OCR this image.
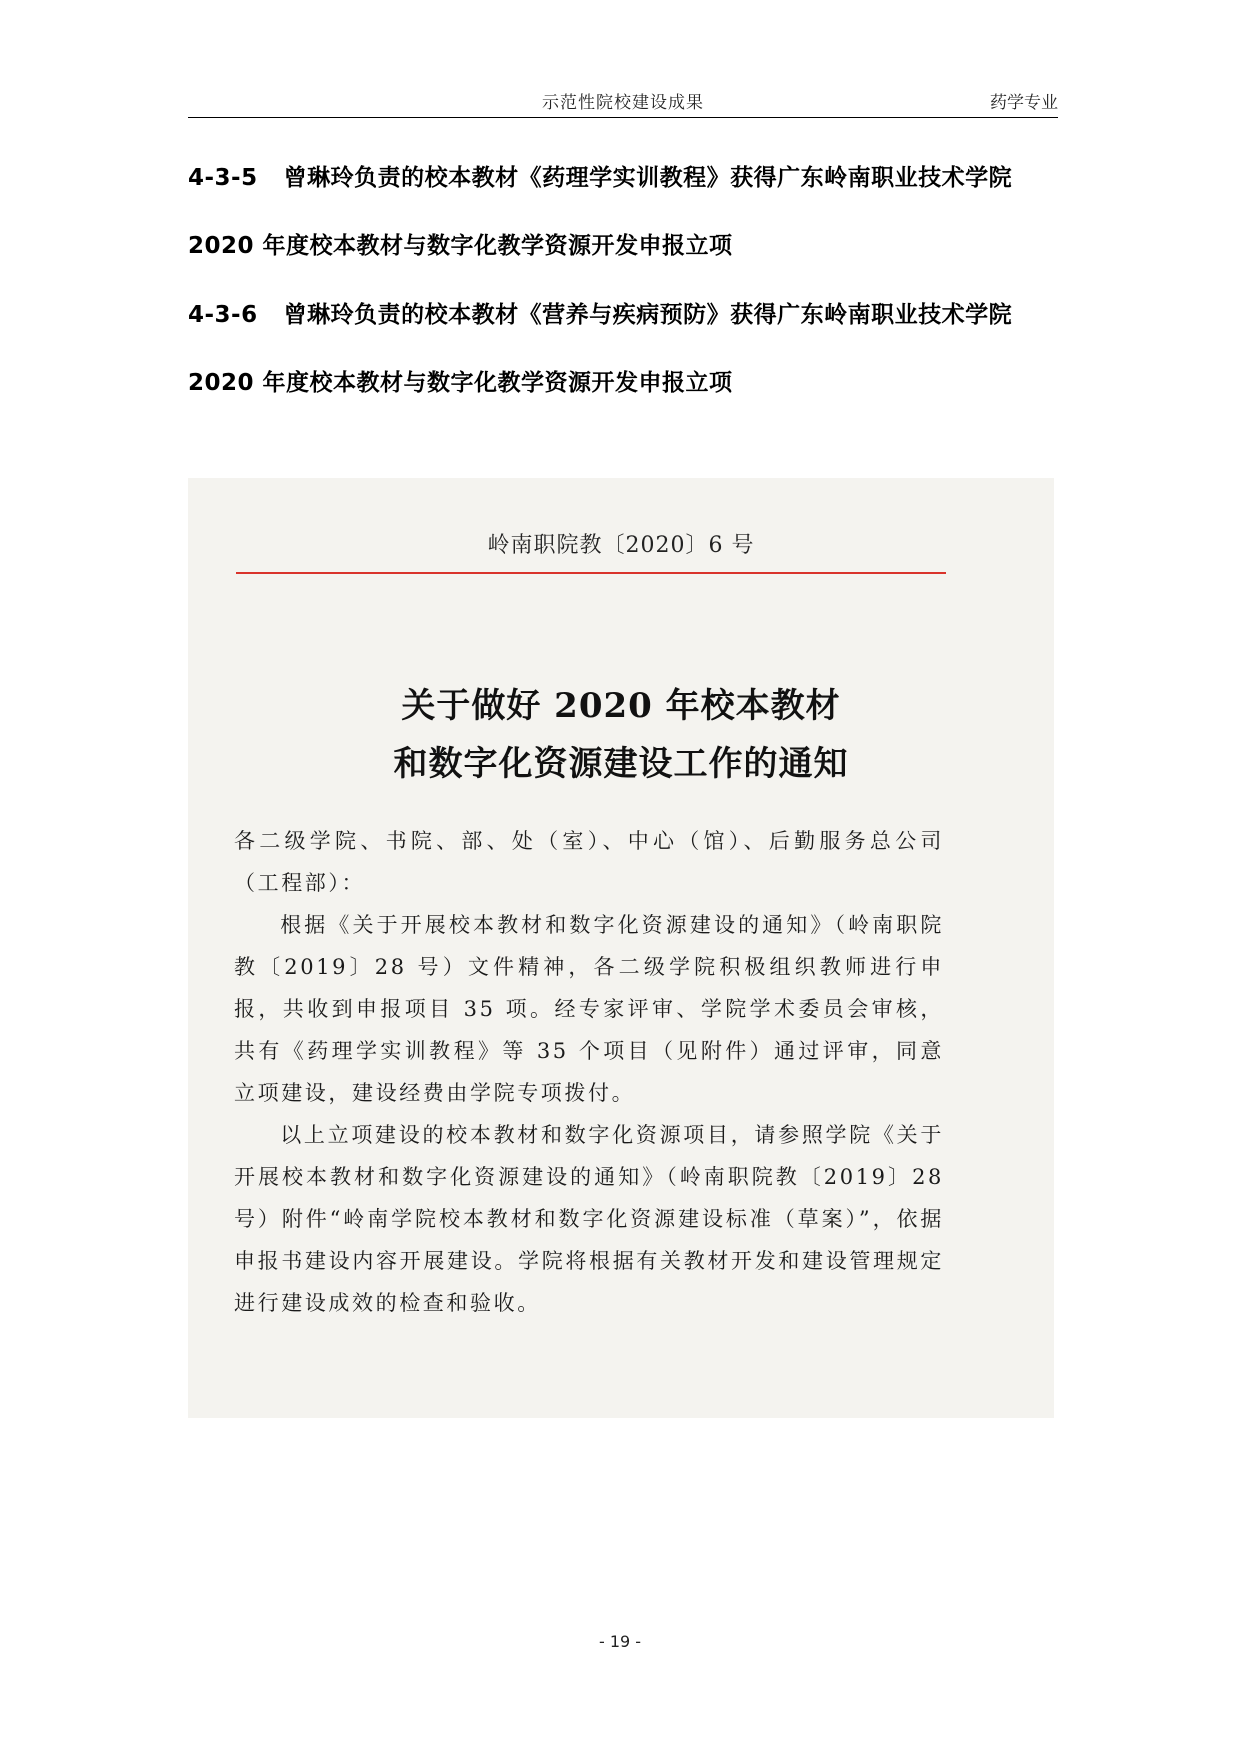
示范性院校建设成果	药学专业
4-3-5 曾琳玲负责的校本教材《药理学实训教程》获得广东岭南职业技术学院
2020 年度校本教材与数字化教学资源开发申报立项
4-3-6 曾琳玲负责的校本教材《营养与疾病预防》获得广东岭南职业技术学院
2020 年度校本教材与数字化教学资源开发申报立项
岭南职院教〔2020〕6 号
关于做好 2020 年校本教材
和数字化资源建设工作的通知

各二级学院、书院、部、处（室）、中心（馆）、后勤服务总公司（工程部）：

根据《关于开展校本教材和数字化资源建设的通知》（岭南职院教〔2019〕28 号）文件精神，各二级学院积极组织教师进行申报，共收到申报项目 35 项。经专家评审、学院学术委员会审核，共有《药理学实训教程》等 35 个项目（见附件）通过评审，同意立项建设，建设经费由学院专项拨付。

以上立项建设的校本教材和数字化资源项目，请参照学院《关于开展校本教材和数字化资源建设的通知》（岭南职院教〔2019〕28 号）附件“岭南学院校本教材和数字化资源建设标准（草案）”，依据申报书建设内容开展建设。学院将根据有关教材开发和建设管理规定进行建设成效的检查和验收。

- 19 -
